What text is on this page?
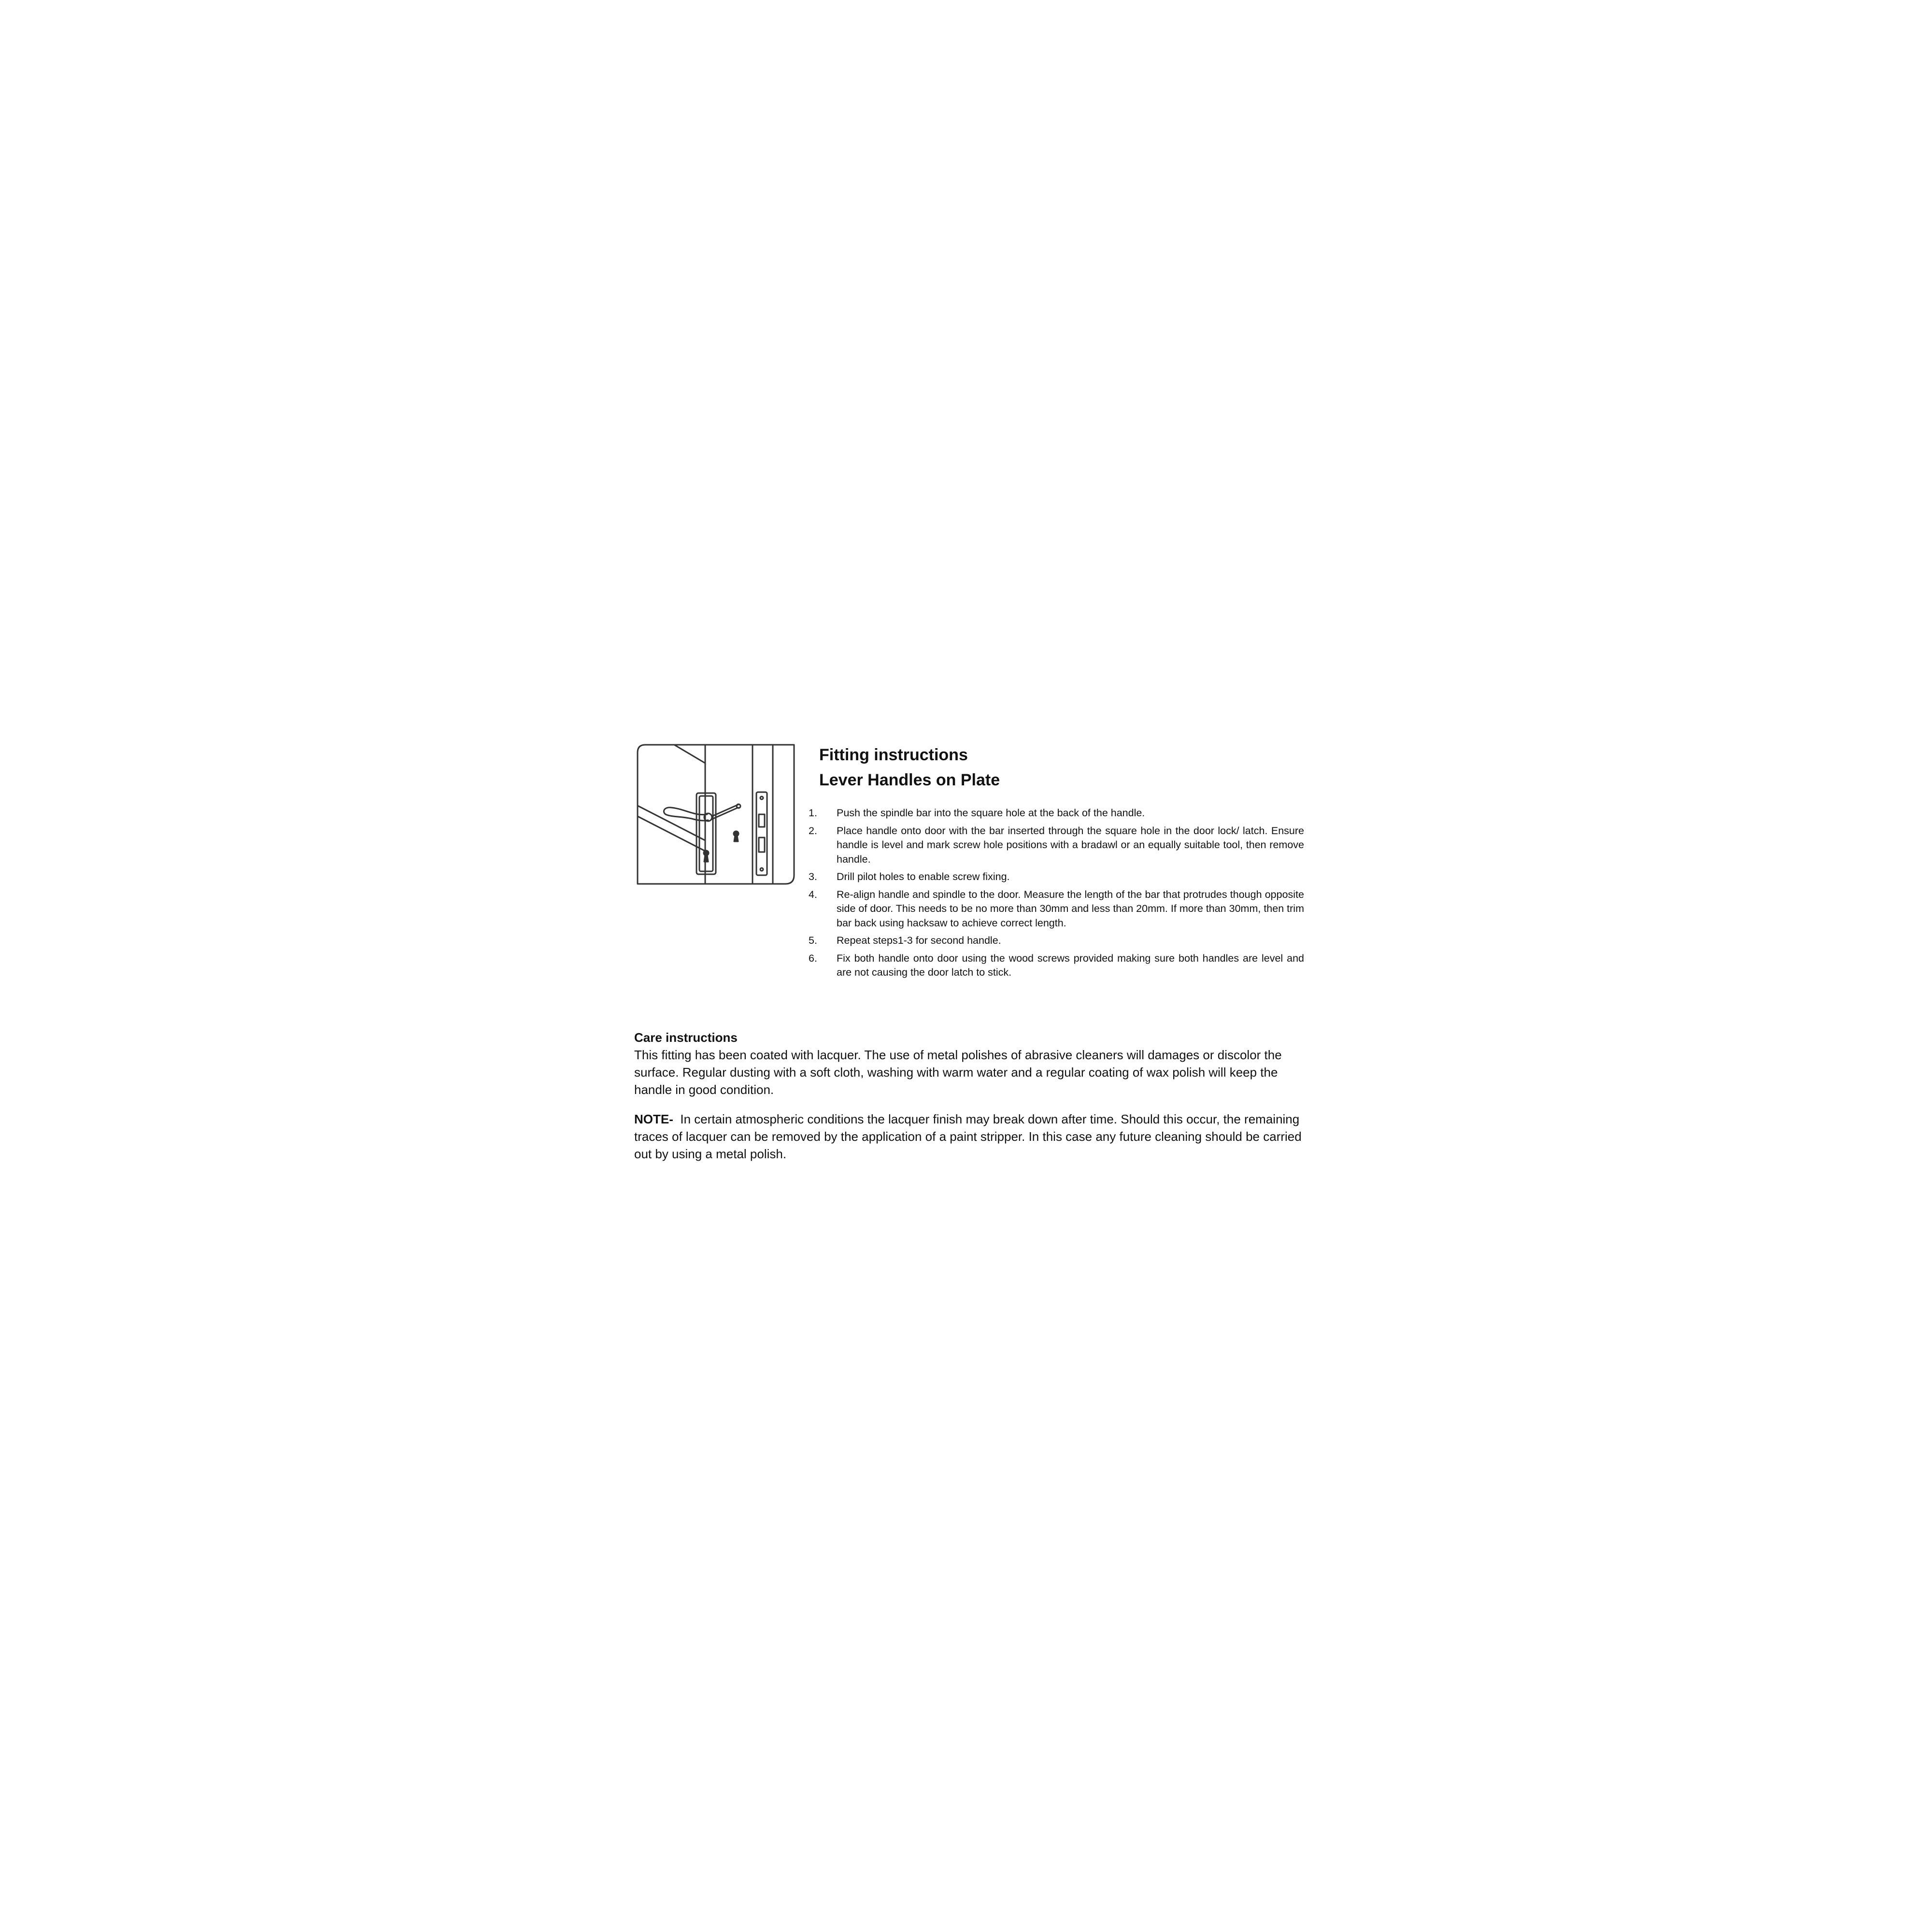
Fitting instructions
Lever Handles on Plate
1.	Push the spindle bar into the square hole at the back of the handle.
2.	Place handle onto door with the bar inserted through the square hole in the door lock/ latch. Ensure handle is level and mark screw hole positions with a bradawl or an equally suitable tool, then remove handle.
3.	Drill pilot holes to enable screw fixing.
4.	Re-align handle and spindle to the door. Measure the length of the bar that protrudes though opposite side of door. This needs to be no more than 30mm and less than 20mm. If more than 30mm, then trim bar back using hacksaw to achieve correct length.
5.	Repeat steps1-3 for second handle.
6.	Fix both handle onto door using the wood screws provided making sure both handles are level and are not causing the door latch to stick.
Care instructions
This fitting has been coated with lacquer. The use of metal polishes of abrasive cleaners will damages or discolor the surface. Regular dusting with a soft cloth, washing with warm water and a regular coating of wax polish will keep the handle in good condition.
NOTE- In certain atmospheric conditions the lacquer finish may break down after time. Should this occur, the remaining traces of lacquer can be removed by the application of a paint stripper. In this case any future cleaning should be carried out by using a metal polish.
